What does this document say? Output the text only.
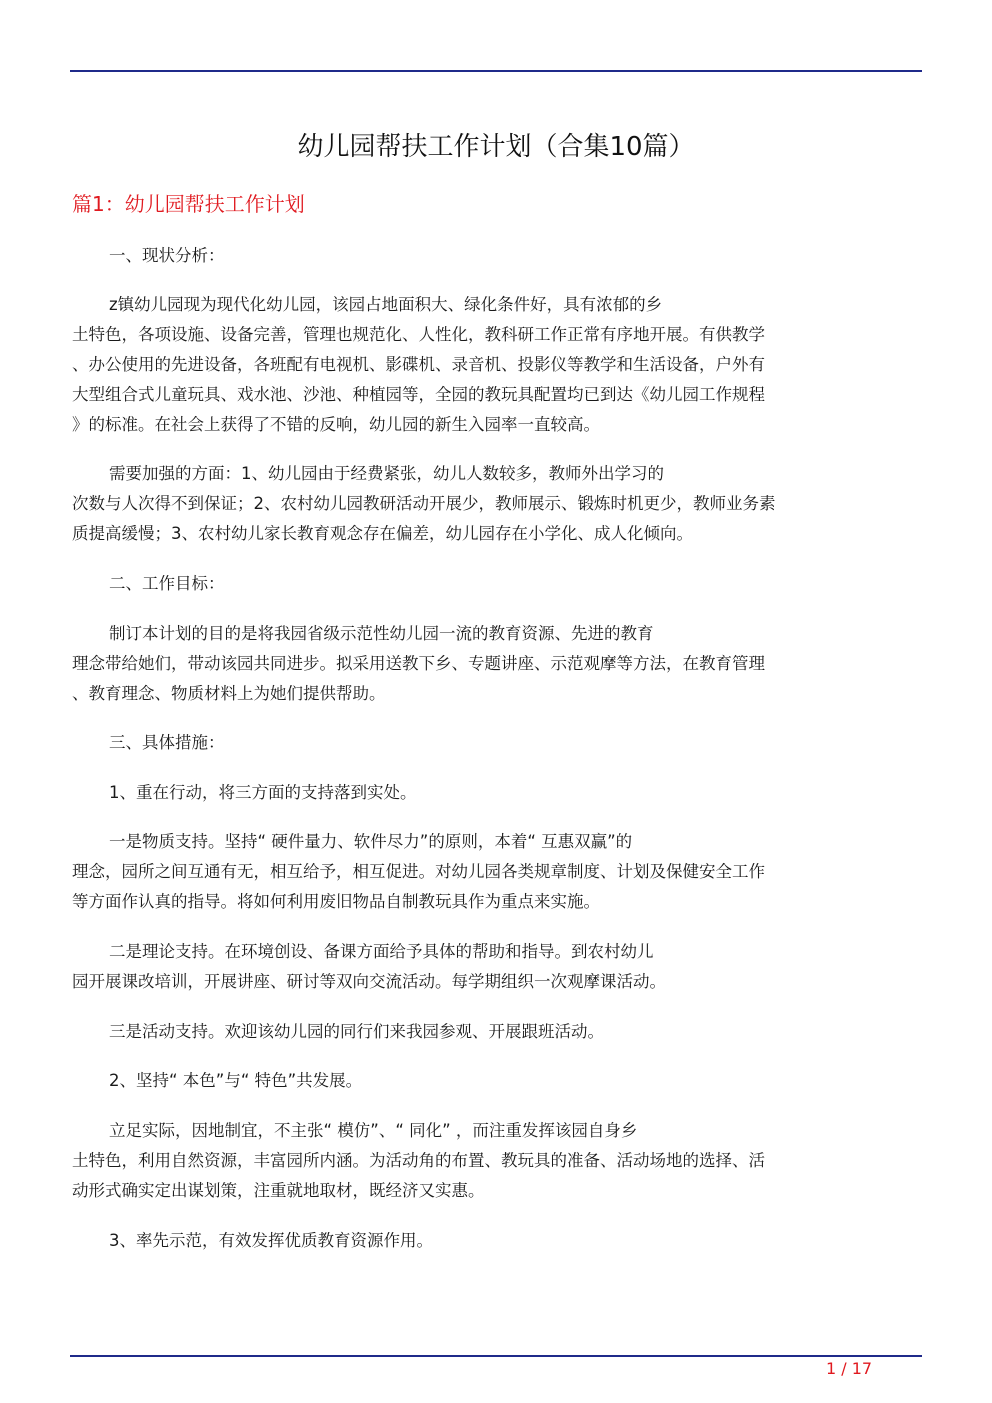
幼儿园帮扶工作计划（合集10篇）
篇1：幼儿园帮扶工作计划
一、现状分析：
z镇幼儿园现为现代化幼儿园，该园占地面积大、绿化条件好，具有浓郁的乡
土特色，各项设施、设备完善，管理也规范化、人性化，教科研工作正常有序地开展。有供教学
、办公使用的先进设备，各班配有电视机、影碟机、录音机、投影仪等教学和生活设备，户外有
大型组合式儿童玩具、戏水池、沙池、种植园等，全园的教玩具配置均已到达《幼儿园工作规程
》的标准。在社会上获得了不错的反响，幼儿园的新生入园率一直较高。
需要加强的方面：1、幼儿园由于经费紧张，幼儿人数较多，教师外出学习的
次数与人次得不到保证；2、农村幼儿园教研活动开展少，教师展示、锻炼时机更少，教师业务素
质提高缓慢；3、农村幼儿家长教育观念存在偏差，幼儿园存在小学化、成人化倾向。
二、工作目标：
制订本计划的目的是将我园省级示范性幼儿园一流的教育资源、先进的教育
理念带给她们，带动该园共同进步。拟采用送教下乡、专题讲座、示范观摩等方法，在教育管理
、教育理念、物质材料上为她们提供帮助。
三、具体措施：
1、重在行动，将三方面的支持落到实处。
一是物质支持。坚持“ 硬件量力、软件尽力”的原则，本着“ 互惠双赢”的
理念，园所之间互通有无，相互给予，相互促进。对幼儿园各类规章制度、计划及保健安全工作
等方面作认真的指导。将如何利用废旧物品自制教玩具作为重点来实施。
二是理论支持。在环境创设、备课方面给予具体的帮助和指导。到农村幼儿
园开展课改培训，开展讲座、研讨等双向交流活动。每学期组织一次观摩课活动。
三是活动支持。欢迎该幼儿园的同行们来我园参观、开展跟班活动。
2、坚持“ 本色”与“ 特色”共发展。
立足实际，因地制宜，不主张“ 模仿”、“ 同化” ，而注重发挥该园自身乡
土特色，利用自然资源，丰富园所内涵。为活动角的布置、教玩具的准备、活动场地的选择、活
动形式确实定出谋划策，注重就地取材，既经济又实惠。
3、率先示范，有效发挥优质教育资源作用。
1 / 17
